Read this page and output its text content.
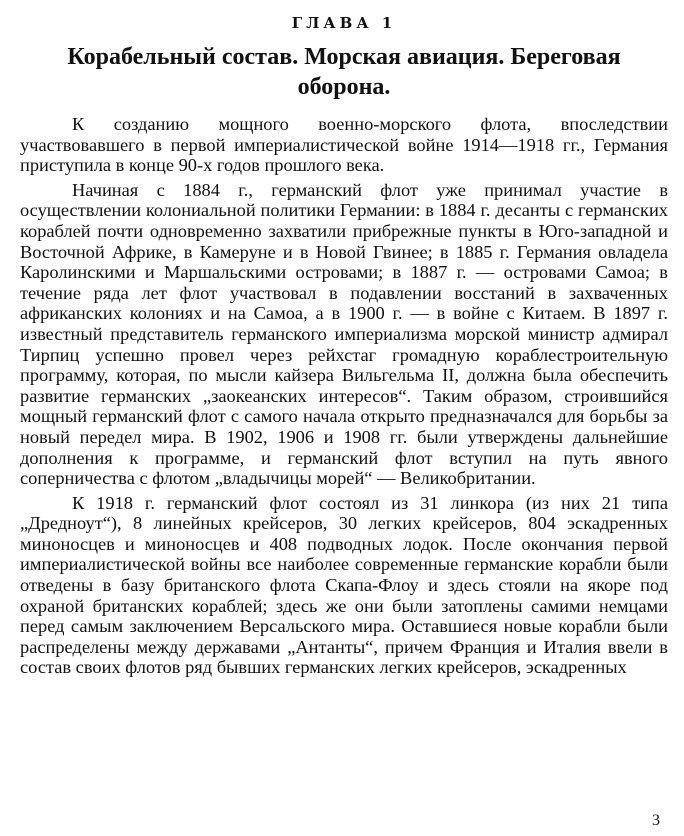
ГЛАВА 1
Корабельный состав. Морская авиация. Береговая оборона.

К созданию мощного военно-морского флота, впоследствии участвовавшего в первой империалистической войне 1914—1918 гг., Германия приступила в конце 90-х годов прошлого века.

Начиная с 1884 г., германский флот уже принимал участие в осуществлении колониальной политики Германии: в 1884 г. десанты с германских кораблей почти одновременно захватили прибрежные пункты в Юго-западной и Восточной Африке, в Камеруне и в Новой Гвинее; в 1885 г. Германия овладела Каролинскими и Маршальскими островами; в 1887 г. — островами Самоа; в течение ряда лет флот участвовал в подавлении восстаний в захваченных африканских колониях и на Самоа, а в 1900 г. — в войне с Китаем. В 1897 г. известный представитель германского империализма морской министр адмирал Тирпиц успешно провел через рейхстаг громадную кораблестроительную программу, которая, по мысли кайзера Вильгельма II, должна была обеспечить развитие германских „заокеанских интересов“. Таким образом, строившийся мощный германский флот с самого начала открыто предназначался для борьбы за новый передел мира. В 1902, 1906 и 1908 гг. были утверждены дальнейшие дополнения к программе, и германский флот вступил на путь явного соперничества с флотом „владычицы морей“ — Великобритании.

К 1918 г. германский флот состоял из 31 линкора (из них 21 типа „Дредноут“), 8 линейных крейсеров, 30 легких крейсеров, 804 эскадренных миноносцев и миноносцев и 408 подводных лодок. После окончания первой империалистической войны все наиболее современные германские корабли были отведены в базу британского флота Скапа-Флоу и здесь стояли на якоре под охраной британских кораблей; здесь же они были затоплены самими немцами перед самым заключением Версальского мира. Оставшиеся новые корабли были распределены между державами „Антанты“, причем Франция и Италия ввели в состав своих флотов ряд бывших германских легких крейсеров, эскадренных

3
